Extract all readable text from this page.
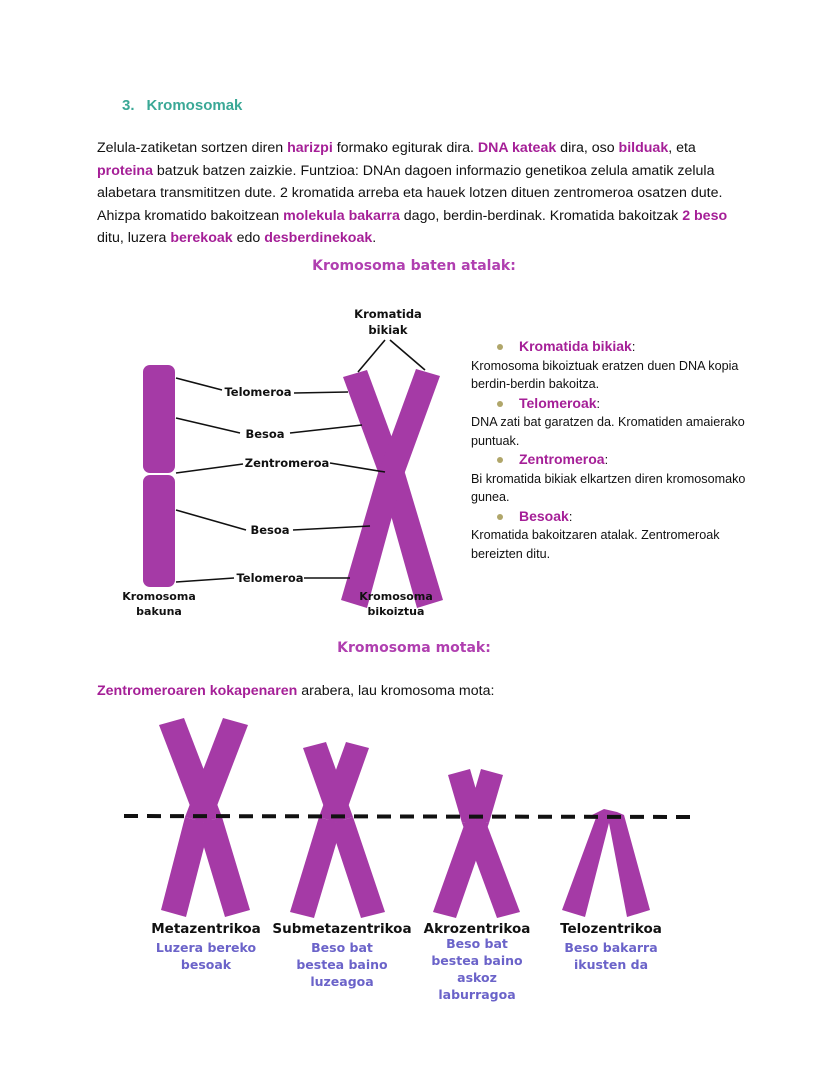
3. Kromosomak
Zelula-zatiketan sortzen diren harizpi formako egiturak dira. DNA kateak dira, oso bilduak, eta proteina batzuk batzen zaizkie. Funtzioa: DNAn dagoen informazio genetikoa zelula amatik zelula alabetara transmititzen dute. 2 kromatida arreba eta hauek lotzen dituen zentromeroa osatzen dute. Ahizpa kromatido bakoitzean molekula bakarra dago, berdin-berdinak. Kromatida bakoitzak 2 beso ditu, luzera berekoak edo desberdinekoak.
Kromosoma baten atalak:
Kromatida
bikiak
Telomeroa
Besoa
Zentromeroa
Besoa
Telomeroa
Kromosoma
bakuna
Kromosoma
bikoiztua
Kromatida bikiak:
Kromosoma bikoiztuak eratzen duen DNA kopia berdin-berdin bakoitza.
Telomeroak:
DNA zati bat garatzen da. Kromatiden amaierako puntuak.
Zentromeroa:
Bi kromatida bikiak elkartzen diren kromosomako gunea.
Besoak:
Kromatida bakoitzaren atalak. Zentromeroak bereizten ditu.
Kromosoma motak:
Zentromeroaren kokapenaren arabera, lau kromosoma mota:
Metazentrikoa
Luzera bereko
besoak
Submetazentrikoa
Beso bat
bestea baino
luzeagoa
Akrozentrikoa
Beso bat
bestea baino
askoz
laburragoa
Telozentrikoa
Beso bakarra
ikusten da
